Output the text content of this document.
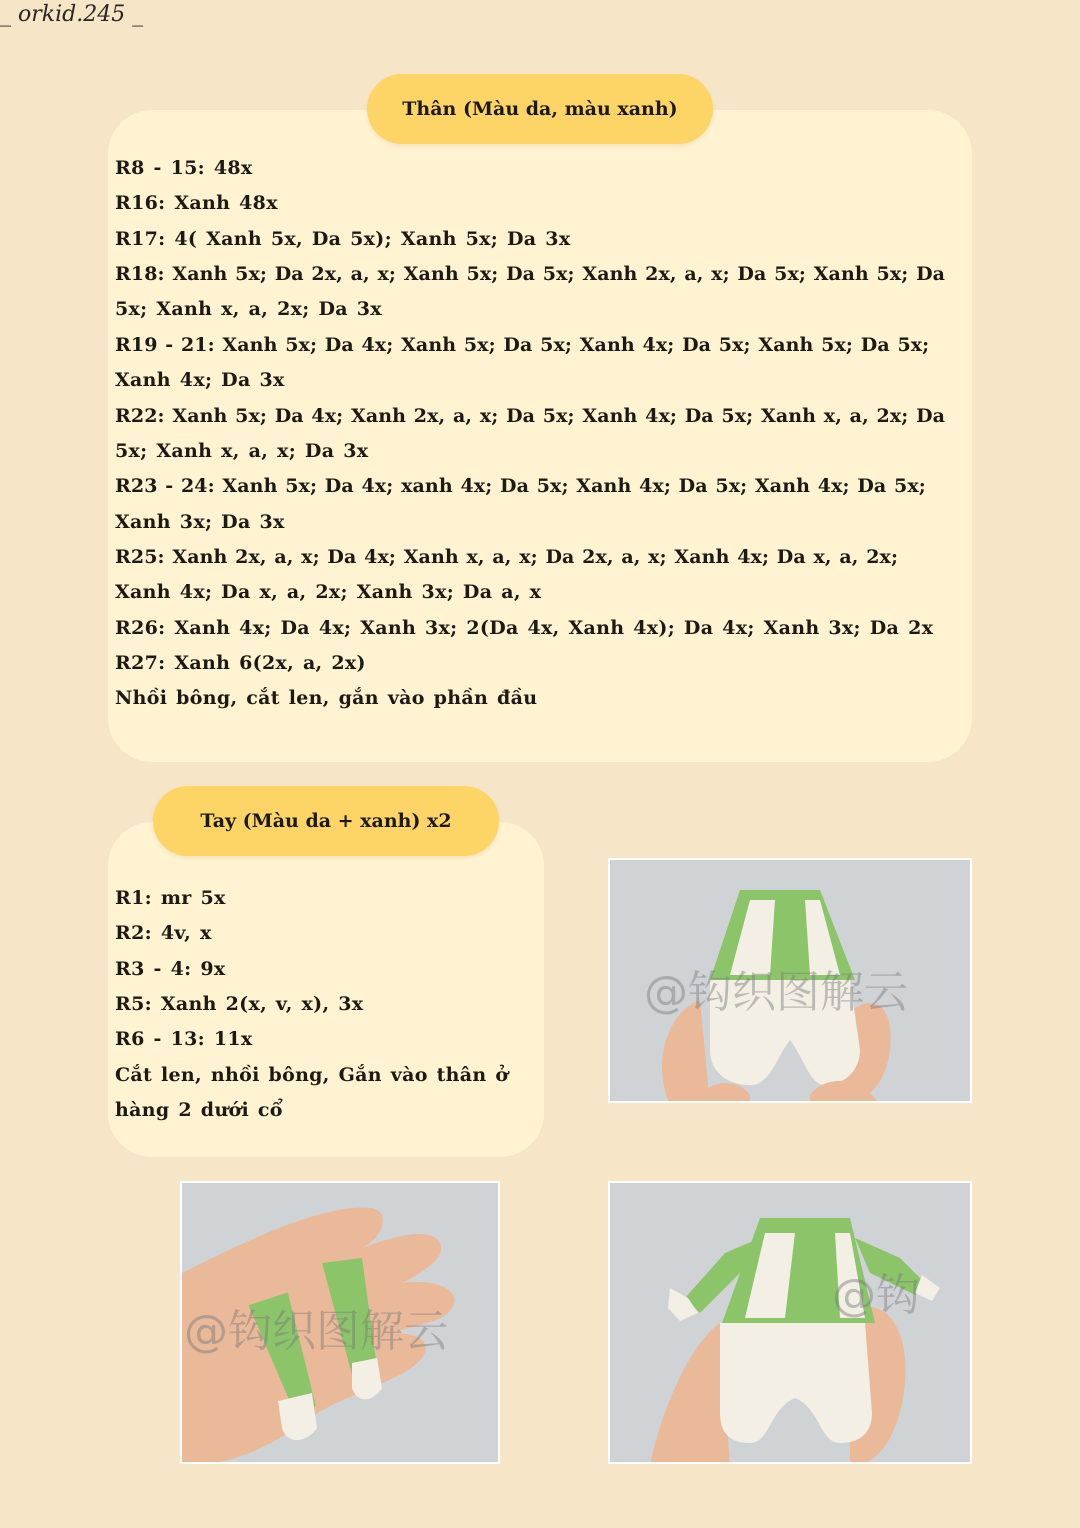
_ orkid.245 _
Thân (Màu da, màu xanh)
R8 - 15: 48x
R16: Xanh 48x
R17: 4( Xanh 5x, Da 5x); Xanh 5x; Da 3x
R18: Xanh 5x; Da 2x, a, x; Xanh 5x; Da 5x; Xanh 2x, a, x; Da 5x; Xanh 5x; Da
5x; Xanh x, a, 2x; Da 3x
R19 - 21: Xanh 5x; Da 4x; Xanh 5x; Da 5x; Xanh 4x; Da 5x; Xanh 5x; Da 5x;
Xanh 4x; Da 3x
R22: Xanh 5x; Da 4x; Xanh 2x, a, x; Da 5x; Xanh 4x; Da 5x; Xanh x, a, 2x; Da
5x; Xanh x, a, x; Da 3x
R23 - 24: Xanh 5x; Da 4x; xanh 4x; Da 5x; Xanh 4x; Da 5x; Xanh 4x; Da 5x;
Xanh 3x; Da 3x
R25: Xanh 2x, a, x; Da 4x; Xanh x, a, x; Da 2x, a, x; Xanh 4x; Da x, a, 2x;
Xanh 4x; Da x, a, 2x; Xanh 3x; Da a, x
R26: Xanh 4x; Da 4x; Xanh 3x; 2(Da 4x, Xanh 4x); Da 4x; Xanh 3x; Da 2x
R27: Xanh 6(2x, a, 2x)
Nhồi bông, cắt len, gắn vào phần đầu
Tay (Màu da + xanh) x2
R1: mr 5x
R2: 4v, x
R3 - 4: 9x
R5: Xanh 2(x, v, x), 3x
R6 - 13: 11x
Cắt len, nhồi bông, Gắn vào thân ở
hàng 2 dưới cổ
@钩织图解云
@钩织图解云
@钩
